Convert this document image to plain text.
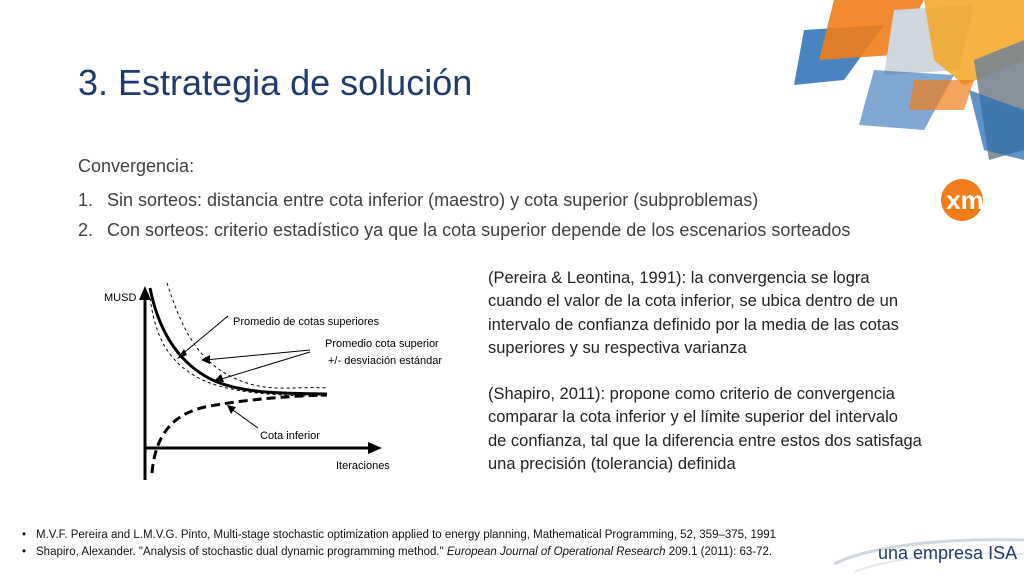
3. Estrategia de solución
Convergencia:
1. Sin sorteos: distancia entre cota inferior (maestro) y cota superior (subproblemas)
2. Con sorteos: criterio estadístico ya que la cota superior depende de los escenarios sorteados
xm
MUSD
Iteraciones
Promedio de cotas superiores
Promedio cota superior
+/- desviación estándar
Cota inferior
(Pereira & Leontina, 1991): la convergencia se logra
cuando el valor de la cota inferior, se ubica dentro de un
intervalo de confianza definido por la media de las cotas
superiores y su respectiva varianza
(Shapiro, 2011): propone como criterio de convergencia
comparar la cota inferior y el límite superior del intervalo
de confianza, tal que la diferencia entre estos dos satisfaga
una precisión (tolerancia) definida
• M.V.F. Pereira and L.M.V.G. Pinto, Multi-stage stochastic optimization applied to energy planning, Mathematical Programming, 52, 359–375, 1991
• Shapiro, Alexander. "Analysis of stochastic dual dynamic programming method." European Journal of Operational Research 209.1 (2011): 63-72.	una empresa ISA
